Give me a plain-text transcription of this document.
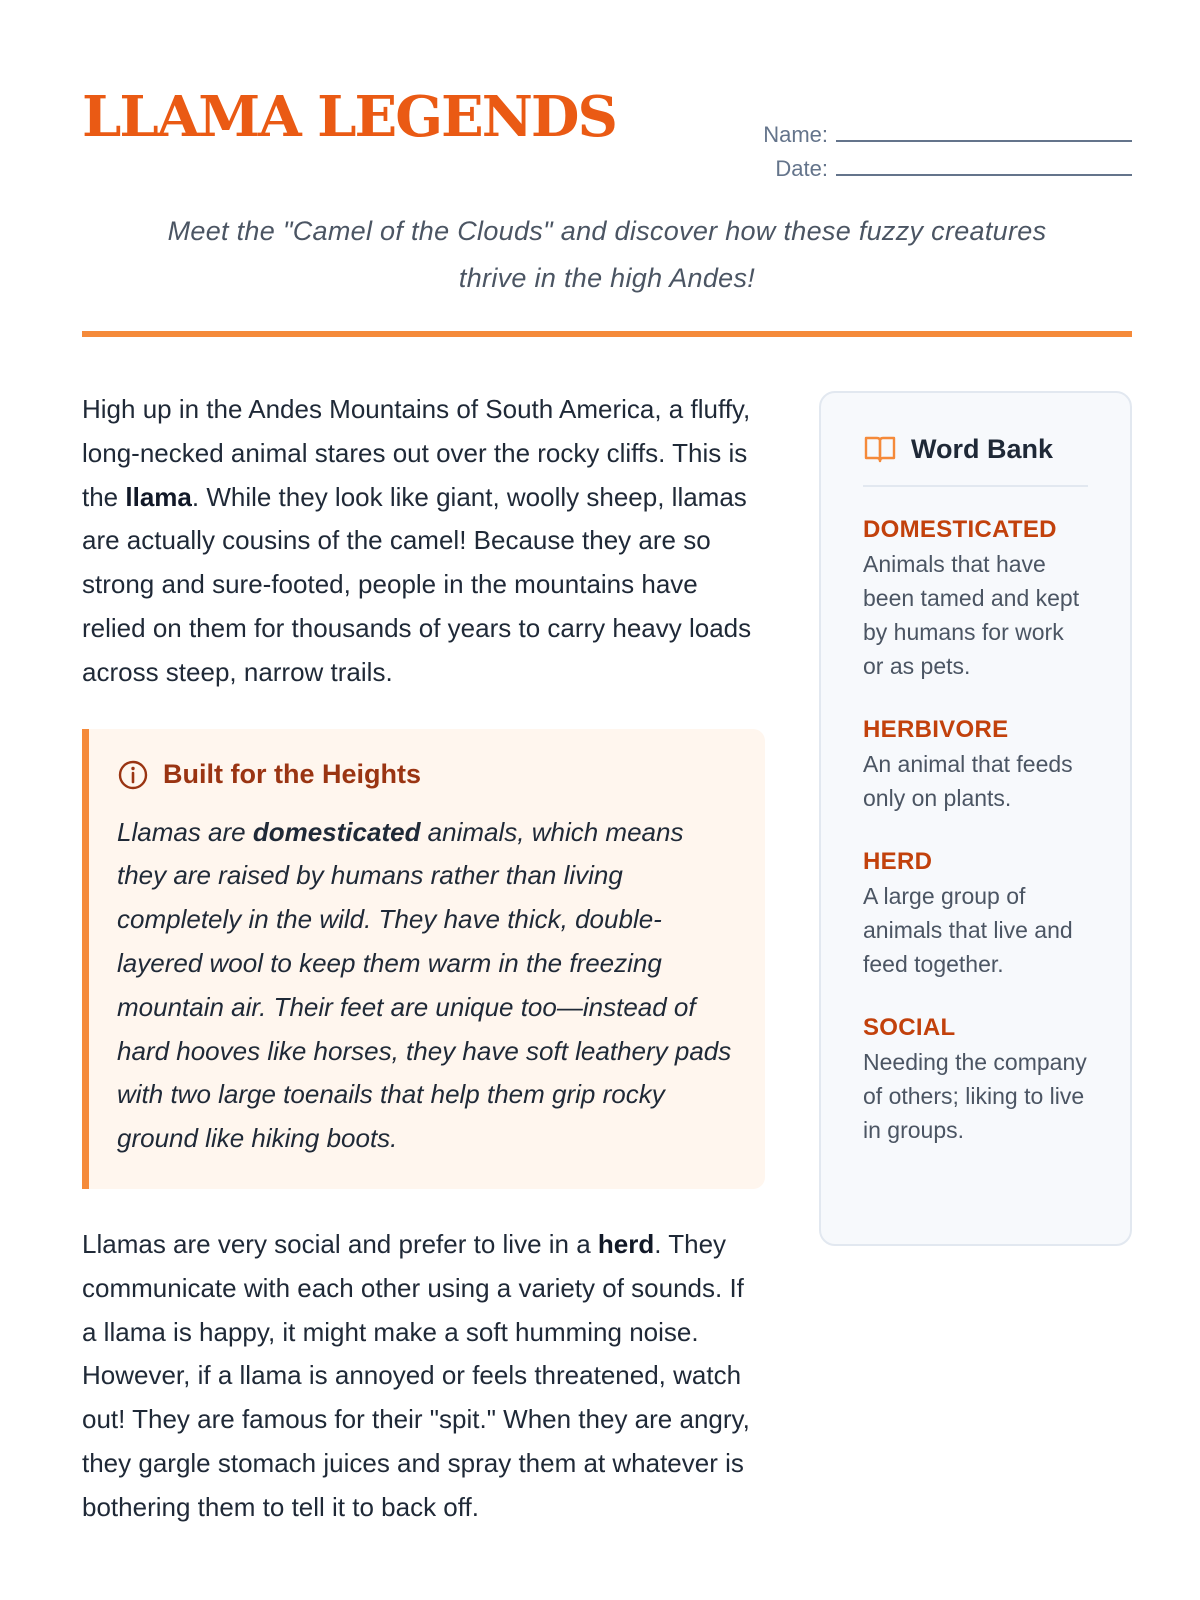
LLAMA LEGENDS	Name:
Date:
Meet the "Camel of the Clouds" and discover how these fuzzy creatures
thrive in the high Andes!

High up in the Andes Mountains of South America, a fluffy, long-necked animal stares out over the rocky cliffs. This is the llama. While they look like giant, woolly sheep, llamas are actually cousins of the camel! Because they are so strong and sure-footed, people in the mountains have relied on them for thousands of years to carry heavy loads across steep, narrow trails.

Built for the Heights

Llamas are domesticated animals, which means they are raised by humans rather than living completely in the wild. They have thick, double-layered wool to keep them warm in the freezing mountain air. Their feet are unique too—instead of hard hooves like horses, they have soft leathery pads with two large toenails that help them grip rocky ground like hiking boots.

Llamas are very social and prefer to live in a herd. They communicate with each other using a variety of sounds. If a llama is happy, it might make a soft humming noise. However, if a llama is annoyed or feels threatened, watch out! They are famous for their "spit." When they are angry, they gargle stomach juices and spray them at whatever is bothering them to tell it to back off.

Word Bank
DOMESTICATED
Animals that have been tamed and kept by humans for work or as pets.
HERBIVORE
An animal that feeds only on plants.
HERD
A large group of animals that live and feed together.
SOCIAL
Needing the company of others; liking to live in groups.
